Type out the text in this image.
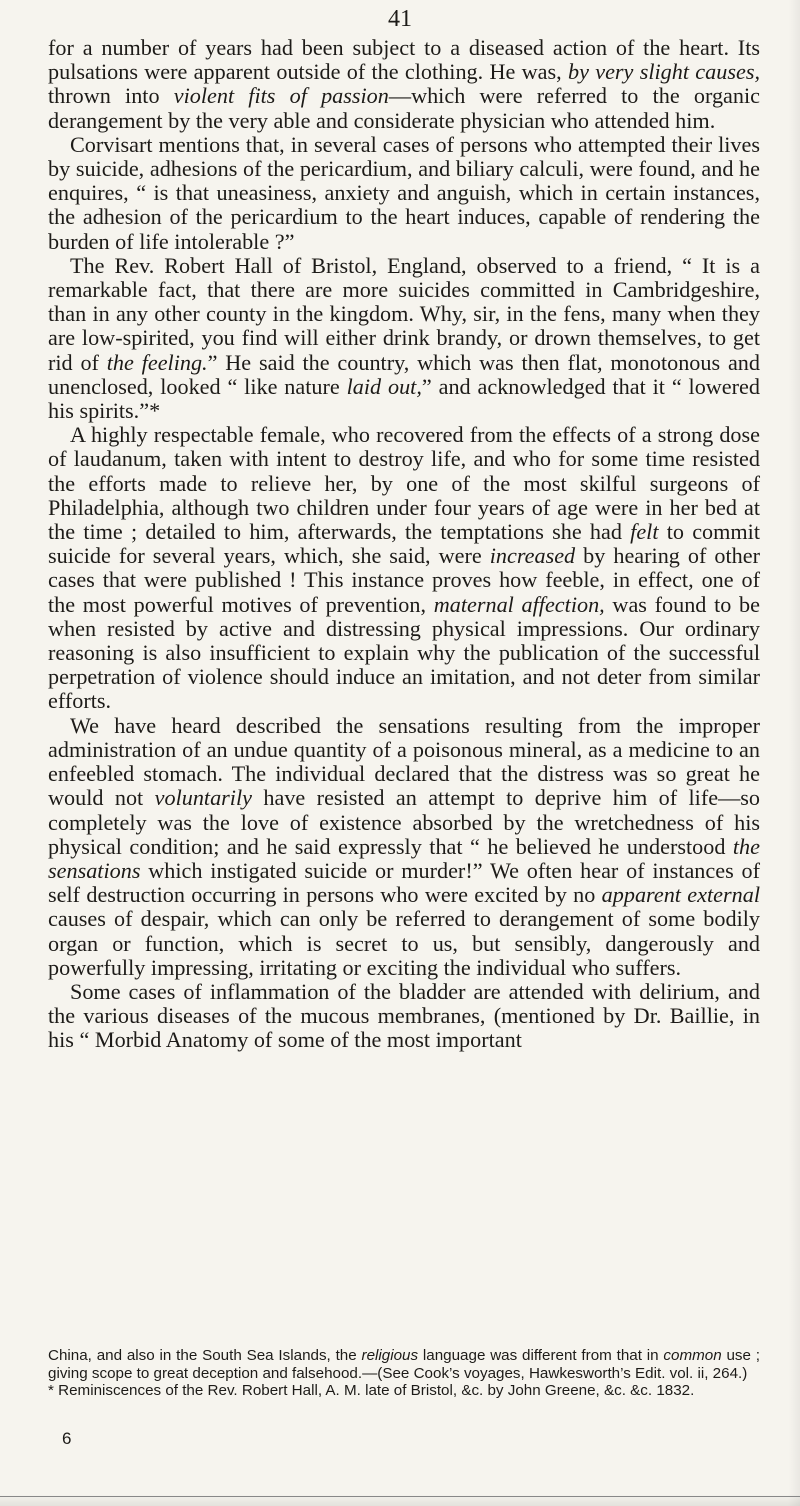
41

for a number of years had been subject to a diseased action of the heart. Its pulsations were apparent outside of the clothing. He was, by very slight causes, thrown into violent fits of passion—which were referred to the organic derangement by the very able and considerate physician who attended him.

Corvisart mentions that, in several cases of persons who attempted their lives by suicide, adhesions of the pericardium, and biliary calculi, were found, and he enquires, “ is that uneasiness, anxiety and anguish, which in certain instances, the adhesion of the pericardium to the heart induces, capable of rendering the burden of life intolerable ?”

The Rev. Robert Hall of Bristol, England, observed to a friend, “ It is a remarkable fact, that there are more suicides committed in Cambridgeshire, than in any other county in the kingdom. Why, sir, in the fens, many when they are low-spirited, you find will either drink brandy, or drown themselves, to get rid of the feeling.” He said the country, which was then flat, monotonous and unenclosed, looked “ like nature laid out,” and acknowledged that it “ lowered his spirits.”*

A highly respectable female, who recovered from the effects of a strong dose of laudanum, taken with intent to destroy life, and who for some time resisted the efforts made to relieve her, by one of the most skilful surgeons of Philadelphia, although two children under four years of age were in her bed at the time ; detailed to him, afterwards, the temptations she had felt to commit suicide for several years, which, she said, were increased by hearing of other cases that were published ! This instance proves how feeble, in effect, one of the most powerful motives of prevention, maternal affection, was found to be when resisted by active and distressing physical impressions. Our ordinary reasoning is also insufficient to explain why the publication of the successful perpetration of violence should induce an imitation, and not deter from similar efforts.

We have heard described the sensations resulting from the improper administration of an undue quantity of a poisonous mineral, as a medicine to an enfeebled stomach. The individual declared that the distress was so great he would not voluntarily have resisted an attempt to deprive him of life—so completely was the love of existence absorbed by the wretchedness of his physical condition; and he said expressly that “ he believed he understood the sensations which instigated suicide or murder!” We often hear of instances of self destruction occurring in persons who were excited by no apparent external causes of despair, which can only be referred to derangement of some bodily organ or function, which is secret to us, but sensibly, dangerously and powerfully impressing, irritating or exciting the individual who suffers.

Some cases of inflammation of the bladder are attended with delirium, and the various diseases of the mucous membranes, (mentioned by Dr. Baillie, in his “ Morbid Anatomy of some of the most important

China, and also in the South Sea Islands, the religious language was different from that in common use ; giving scope to great deception and falsehood.—(See Cook’s voyages, Hawkesworth’s Edit. vol. ii, 264.)

* Reminiscences of the Rev. Robert Hall, A. M. late of Bristol, &c. by John Greene, &c. &c. 1832.

6
